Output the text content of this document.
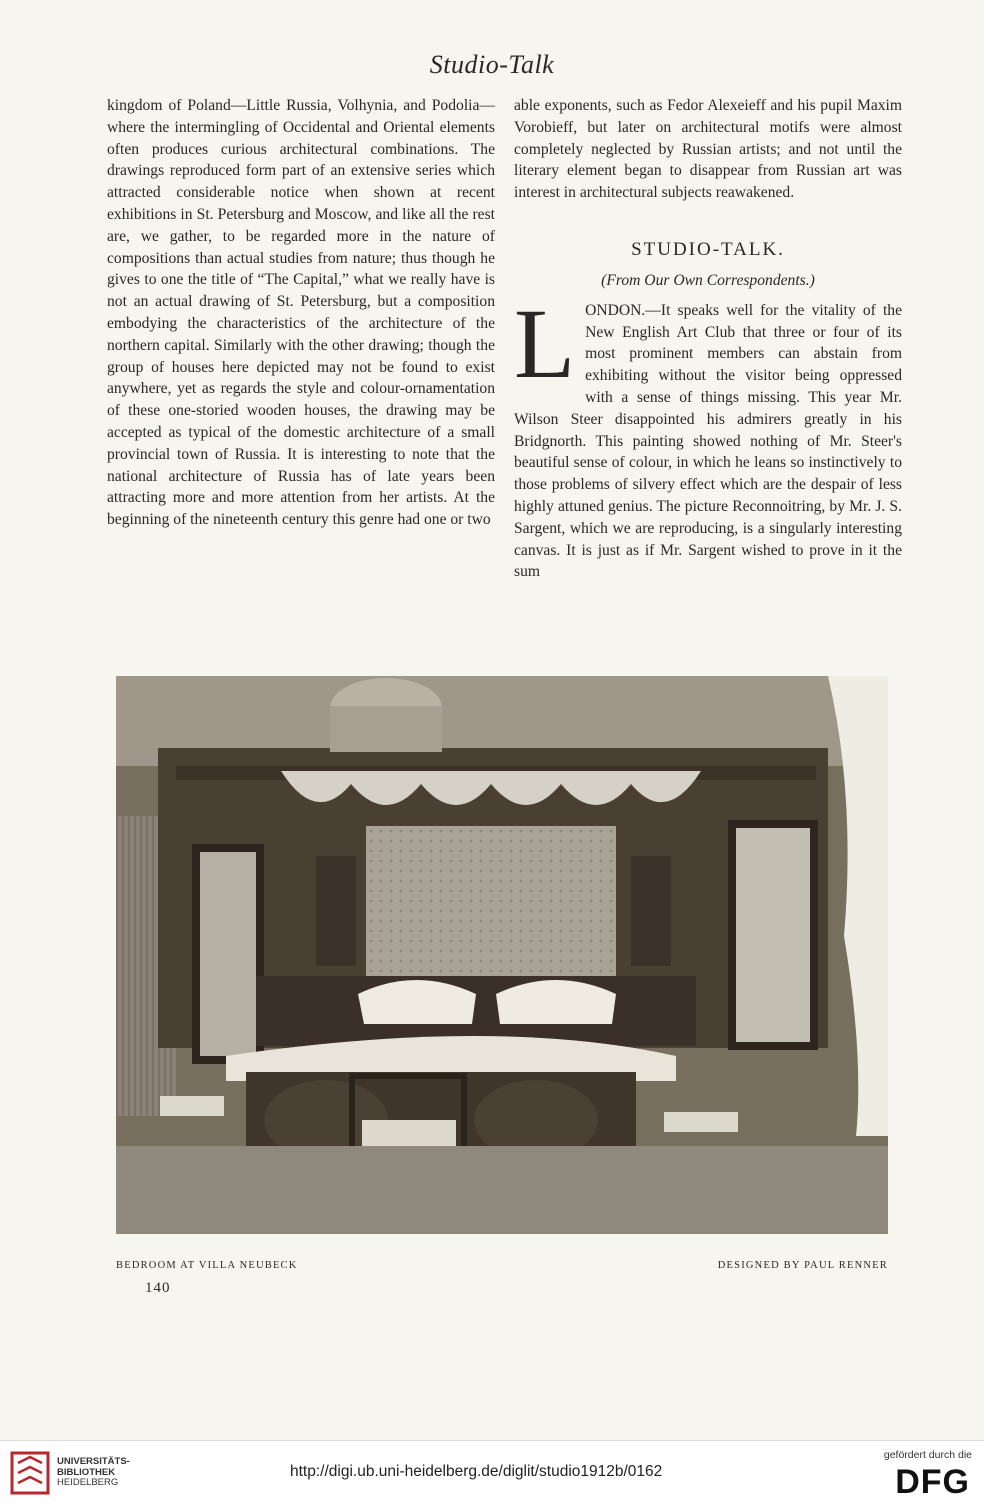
Studio-Talk

kingdom of Poland—Little Russia, Volhynia, and Podolia—where the intermingling of Occidental and Oriental elements often produces curious architectural combinations. The drawings reproduced form part of an extensive series which attracted considerable notice when shown at recent exhibitions in St. Petersburg and Moscow, and like all the rest are, we gather, to be regarded more in the nature of compositions than actual studies from nature; thus though he gives to one the title of “The Capital,” what we really have is not an actual drawing of St. Petersburg, but a composition embodying the characteristics of the architecture of the northern capital. Similarly with the other drawing; though the group of houses here depicted may not be found to exist anywhere, yet as regards the style and colour-ornamentation of these one-storied wooden houses, the drawing may be accepted as typical of the domestic architecture of a small provincial town of Russia. It is interesting to note that the national architecture of Russia has of late years been attracting more and more attention from her artists. At the beginning of the nineteenth century this genre had one or two

able exponents, such as Fedor Alexeieff and his pupil Maxim Vorobieff, but later on architectural motifs were almost completely neglected by Russian artists; and not until the literary element began to disappear from Russian art was interest in architectural subjects reawakened.

STUDIO-TALK.
(From Our Own Correspondents.)

LONDON.—It speaks well for the vitality of the New English Art Club that three or four of its most prominent members can abstain from exhibiting without the visitor being oppressed with a sense of things missing. This year Mr. Wilson Steer disappointed his admirers greatly in his Bridgnorth. This painting showed nothing of Mr. Steer's beautiful sense of colour, in which he leans so instinctively to those problems of silvery effect which are the despair of less highly attuned genius. The picture Reconnoitring, by Mr. J. S. Sargent, which we are reproducing, is a singularly interesting canvas. It is just as if Mr. Sargent wished to prove in it the sum

BEDROOM AT VILLA NEUBECK	DESIGNED BY PAUL RENNER
140
UNIVERSITÄTS-
BIBLIOTHEK
HEIDELBERG
http://digi.ub.uni-heidelberg.de/diglit/studio1912b/0162
gefördert durch die
DFG
